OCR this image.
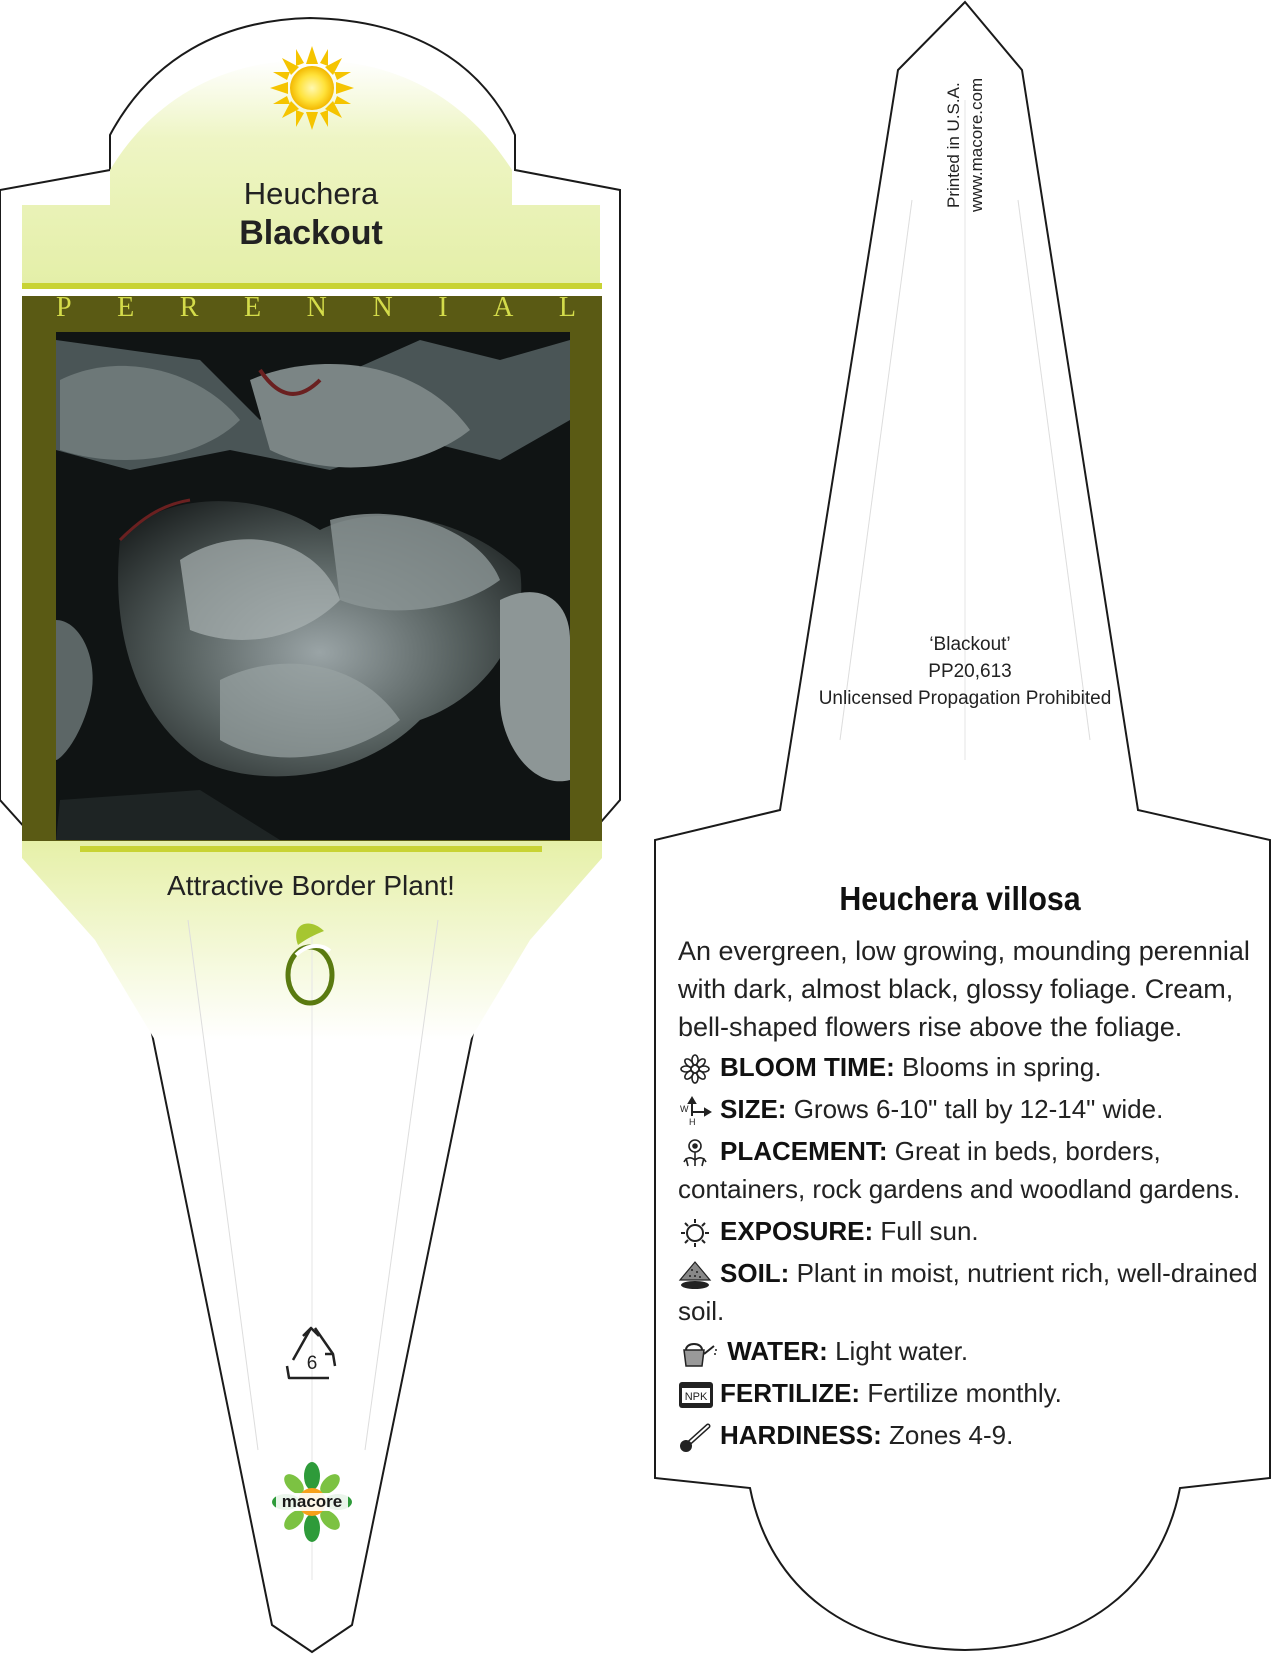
Heuchera
Blackout
P E R E N N I A L
Attractive Border Plant!
6
macore
Printed in U.S.A. www.macore.com
‘Blackout’
PP20,613
Unlicensed Propagation Prohibited
Heuchera villosa
An evergreen, low growing, mounding perennial with dark, almost black, glossy foliage. Cream, bell-shaped flowers rise above the foliage.
BLOOM TIME: Blooms in spring.
W
H SIZE: Grows 6-10" tall by 12-14" wide.
PLACEMENT: Great in beds, borders, containers, rock gardens and woodland gardens.
EXPOSURE: Full sun.
SOIL: Plant in moist, nutrient rich, well-drained soil.
WATER: Light water.
NPK FERTILIZE: Fertilize monthly.
HARDINESS: Zones 4-9.
